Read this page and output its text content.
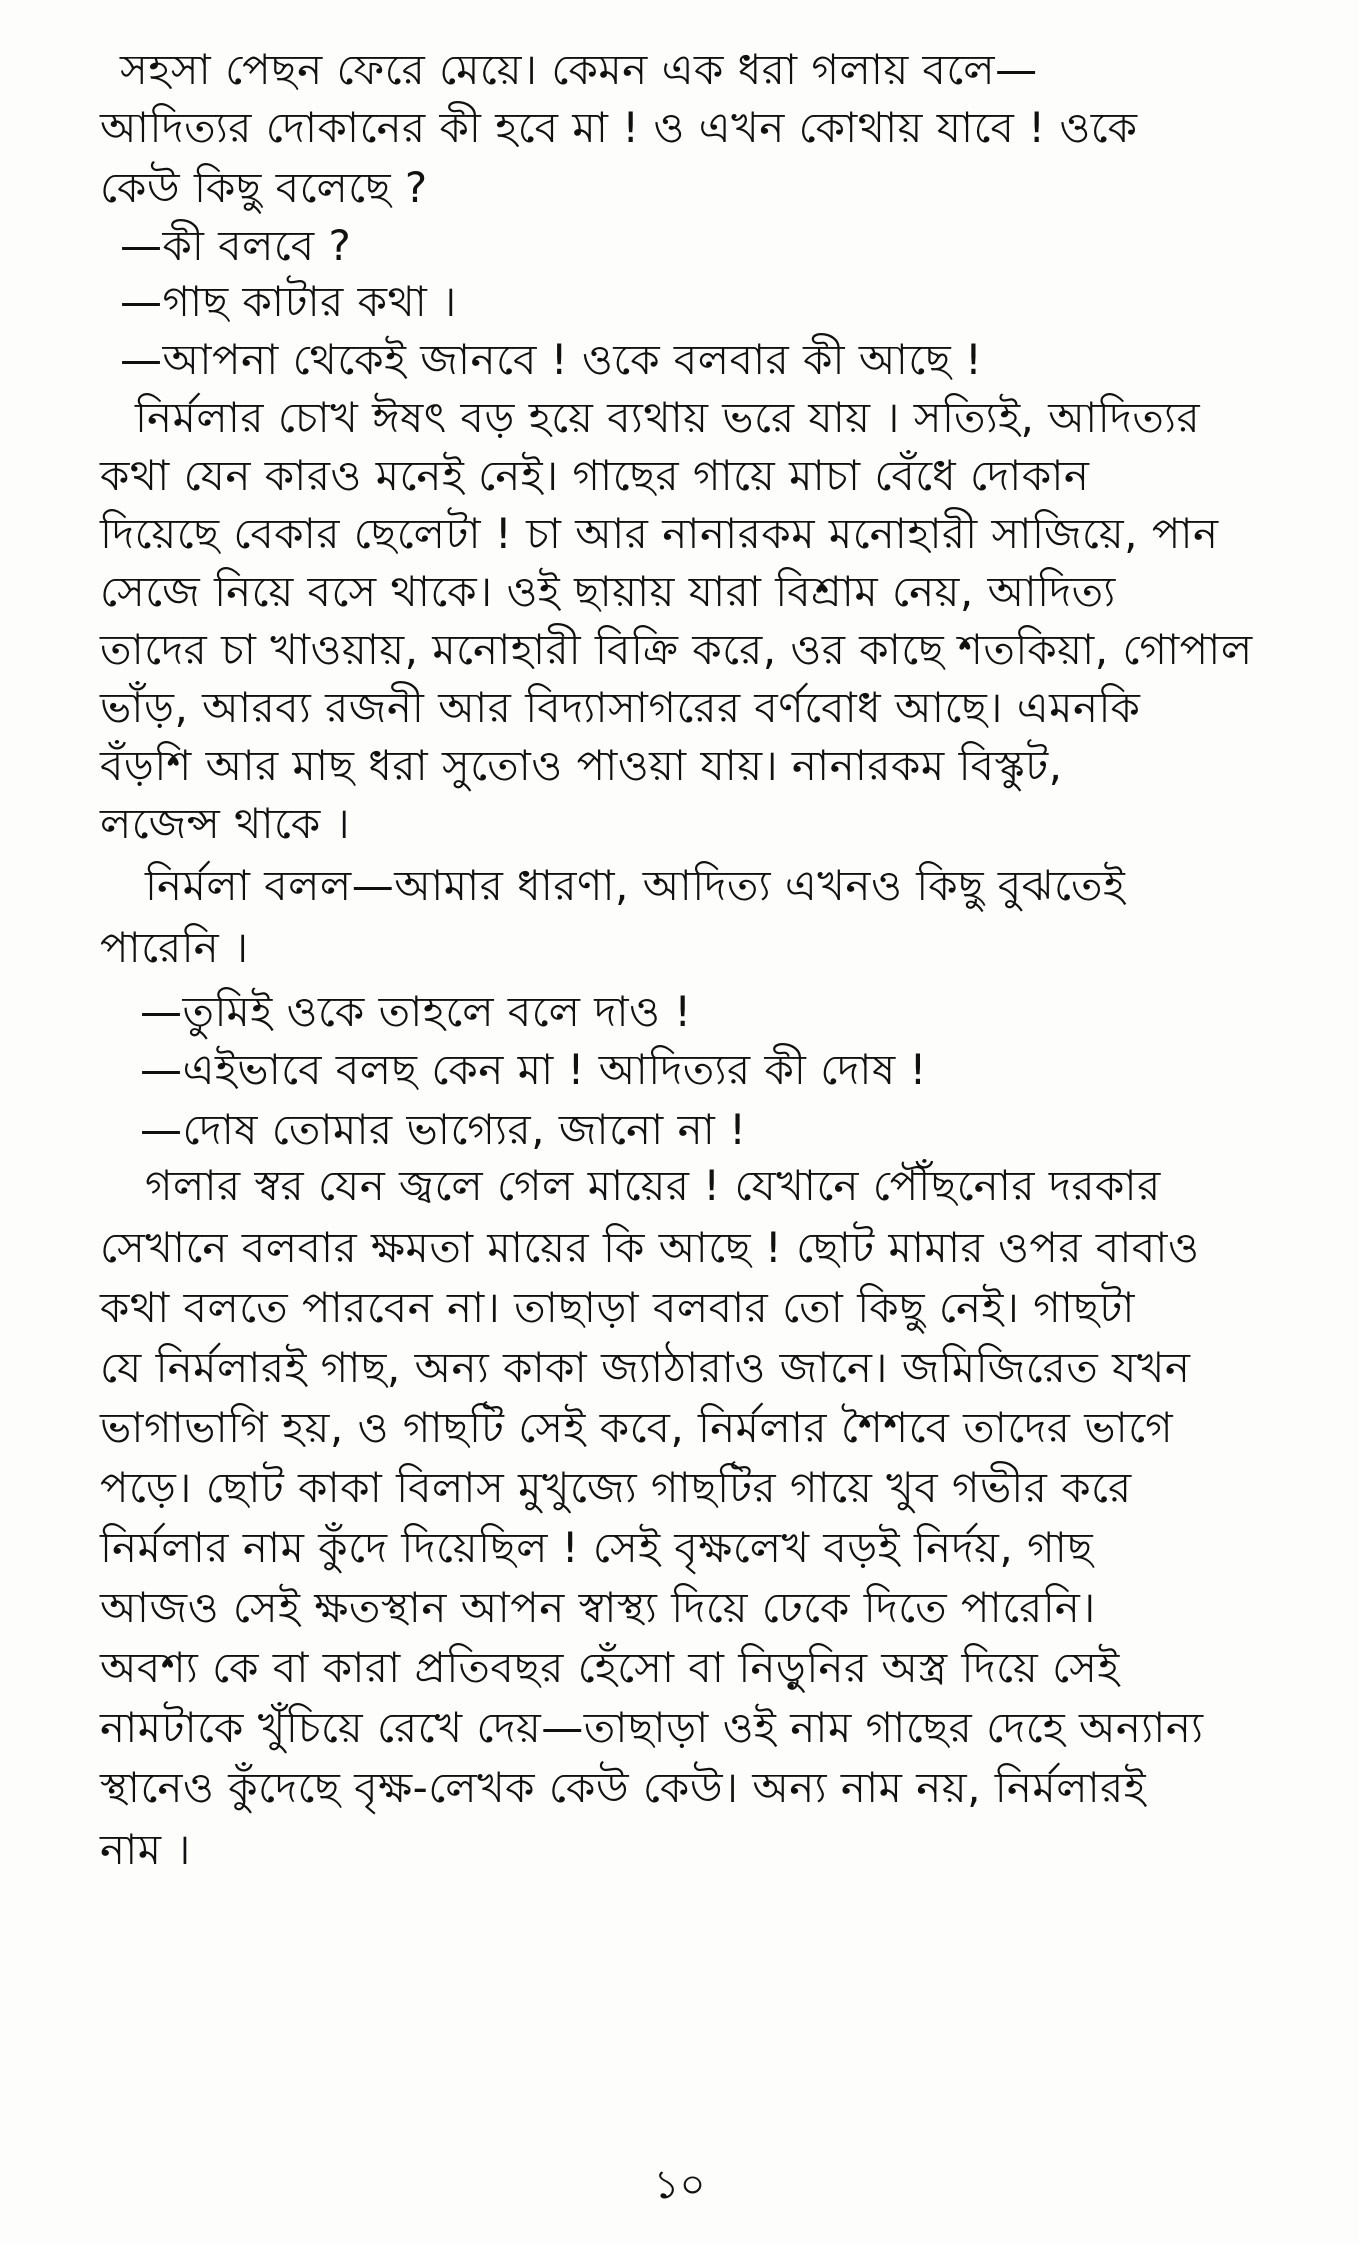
সহসা পেছন ফেরে মেয়ে। কেমন এক ধরা গলায় বলে—
আদিত্যর দোকানের কী হবে মা ! ও এখন কোথায় যাবে ! ওকে
কেউ কিছু বলেছে ?
—কী বলবে ?
—গাছ কাটার কথা ।
—আপনা থেকেই জানবে ! ওকে বলবার কী আছে !
নির্মলার চোখ ঈষৎ বড় হয়ে ব্যথায় ভরে যায় । সত্যিই, আদিত্যর
কথা যেন কারও মনেই নেই। গাছের গায়ে মাচা বেঁধে দোকান
দিয়েছে বেকার ছেলেটা ! চা আর নানারকম মনোহারী সাজিয়ে, পান
সেজে নিয়ে বসে থাকে। ওই ছায়ায় যারা বিশ্রাম নেয়, আদিত্য
তাদের চা খাওয়ায়, মনোহারী বিক্রি করে, ওর কাছে শতকিয়া, গোপাল
ভাঁড়, আরব্য রজনী আর বিদ্যাসাগরের বর্ণবোধ আছে। এমনকি
বঁড়শি আর মাছ ধরা সুতোও পাওয়া যায়। নানারকম বিস্কুট,
লজেন্স থাকে ।
নির্মলা বলল—আমার ধারণা, আদিত্য এখনও কিছু বুঝতেই
পারেনি ।
—তুমিই ওকে তাহলে বলে দাও !
—এইভাবে বলছ কেন মা ! আদিত্যর কী দোষ !
—দোষ তোমার ভাগ্যের, জানো না !
গলার স্বর যেন জ্বলে গেল মায়ের ! যেখানে পৌঁছনোর দরকার
সেখানে বলবার ক্ষমতা মায়ের কি আছে ! ছোট মামার ওপর বাবাও
কথা বলতে পারবেন না। তাছাড়া বলবার তো কিছু নেই। গাছটা
যে নির্মলারই গাছ, অন্য কাকা জ্যাঠারাও জানে। জমিজিরেত যখন
ভাগাভাগি হয়, ও গাছটি সেই কবে, নির্মলার শৈশবে তাদের ভাগে
পড়ে। ছোট কাকা বিলাস মুখুজ্যে গাছটির গায়ে খুব গভীর করে
নির্মলার নাম কুঁদে দিয়েছিল ! সেই বৃক্ষলেখ বড়ই নির্দয়, গাছ
আজও সেই ক্ষতস্থান আপন স্বাস্থ্য দিয়ে ঢেকে দিতে পারেনি।
অবশ্য কে বা কারা প্রতিবছর হেঁসো বা নিড়ুনির অস্ত্র দিয়ে সেই
নামটাকে খুঁচিয়ে রেখে দেয়—তাছাড়া ওই নাম গাছের দেহে অন্যান্য
স্থানেও কুঁদেছে বৃক্ষ-লেখক কেউ কেউ। অন্য নাম নয়, নির্মলারই
নাম ।
১০
